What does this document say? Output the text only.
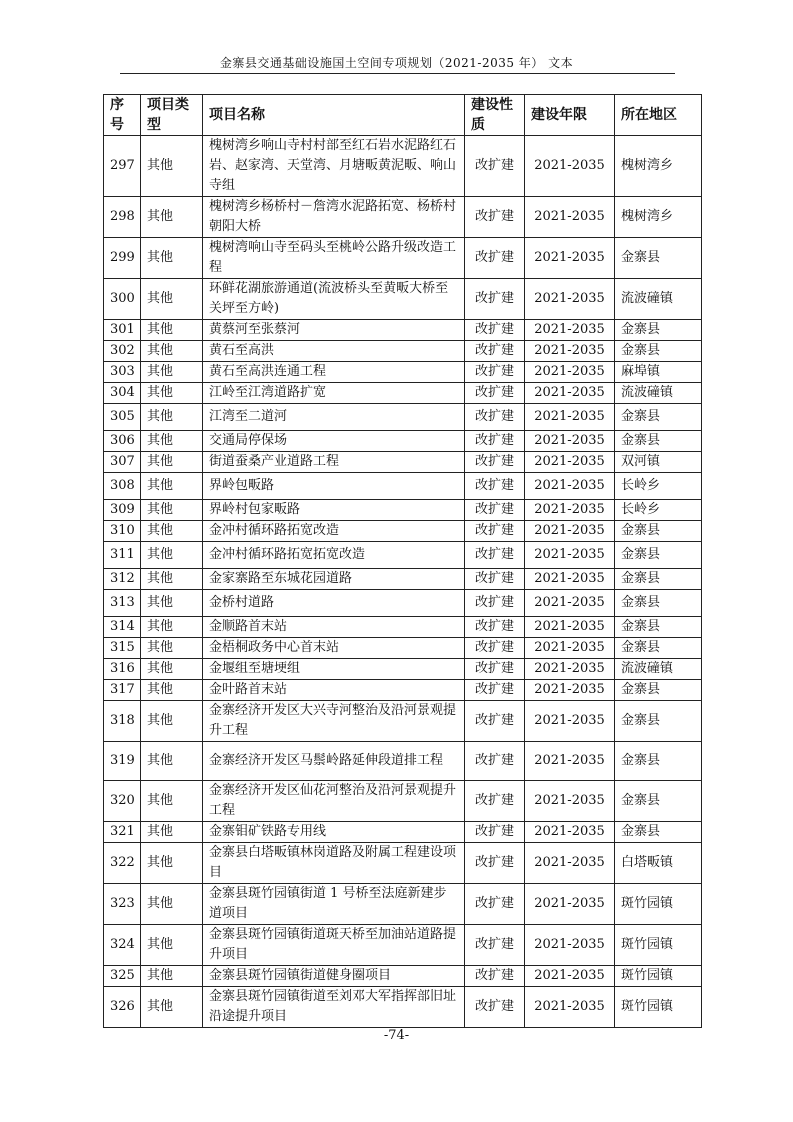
金寨县交通基础设施国土空间专项规划（2021-2035 年） 文本
序号	项目类型	项目名称	建设性质	建设年限	所在地区
297	其他	槐树湾乡响山寺村村部至红石岩水泥路红石岩、赵家湾、天堂湾、月塘畈黄泥畈、响山寺组	改扩建	2021-2035	槐树湾乡
298	其他	槐树湾乡杨桥村－詹湾水泥路拓宽、杨桥村朝阳大桥	改扩建	2021-2035	槐树湾乡
299	其他	槐树湾响山寺至码头至桃岭公路升级改造工程	改扩建	2021-2035	金寨县
300	其他	环鲜花湖旅游通道(流波桥头至黄畈大桥至关坪至方岭)	改扩建	2021-2035	流波䃥镇
301	其他	黄蔡河至张蔡河	改扩建	2021-2035	金寨县
302	其他	黄石至高洪	改扩建	2021-2035	金寨县
303	其他	黄石至高洪连通工程	改扩建	2021-2035	麻埠镇
304	其他	江岭至江湾道路扩宽	改扩建	2021-2035	流波䃥镇
305	其他	江湾至二道河	改扩建	2021-2035	金寨县
306	其他	交通局停保场	改扩建	2021-2035	金寨县
307	其他	街道蚕桑产业道路工程	改扩建	2021-2035	双河镇
308	其他	界岭包畈路	改扩建	2021-2035	长岭乡
309	其他	界岭村包家畈路	改扩建	2021-2035	长岭乡
310	其他	金冲村循环路拓宽改造	改扩建	2021-2035	金寨县
311	其他	金冲村循环路拓宽拓宽改造	改扩建	2021-2035	金寨县
312	其他	金家寨路至东城花园道路	改扩建	2021-2035	金寨县
313	其他	金桥村道路	改扩建	2021-2035	金寨县
314	其他	金顺路首末站	改扩建	2021-2035	金寨县
315	其他	金梧桐政务中心首末站	改扩建	2021-2035	金寨县
316	其他	金堰组至塘埂组	改扩建	2021-2035	流波䃥镇
317	其他	金叶路首末站	改扩建	2021-2035	金寨县
318	其他	金寨经济开发区大兴寺河整治及沿河景观提升工程	改扩建	2021-2035	金寨县
319	其他	金寨经济开发区马鬃岭路延伸段道排工程	改扩建	2021-2035	金寨县
320	其他	金寨经济开发区仙花河整治及沿河景观提升工程	改扩建	2021-2035	金寨县
321	其他	金寨钼矿铁路专用线	改扩建	2021-2035	金寨县
322	其他	金寨县白塔畈镇林岗道路及附属工程建设项目	改扩建	2021-2035	白塔畈镇
323	其他	金寨县斑竹园镇街道 1 号桥至法庭新建步道项目	改扩建	2021-2035	斑竹园镇
324	其他	金寨县斑竹园镇街道斑天桥至加油站道路提升项目	改扩建	2021-2035	斑竹园镇
325	其他	金寨县斑竹园镇街道健身圈项目	改扩建	2021-2035	斑竹园镇
326	其他	金寨县斑竹园镇街道至刘邓大军指挥部旧址沿途提升项目	改扩建	2021-2035	斑竹园镇
-74-
